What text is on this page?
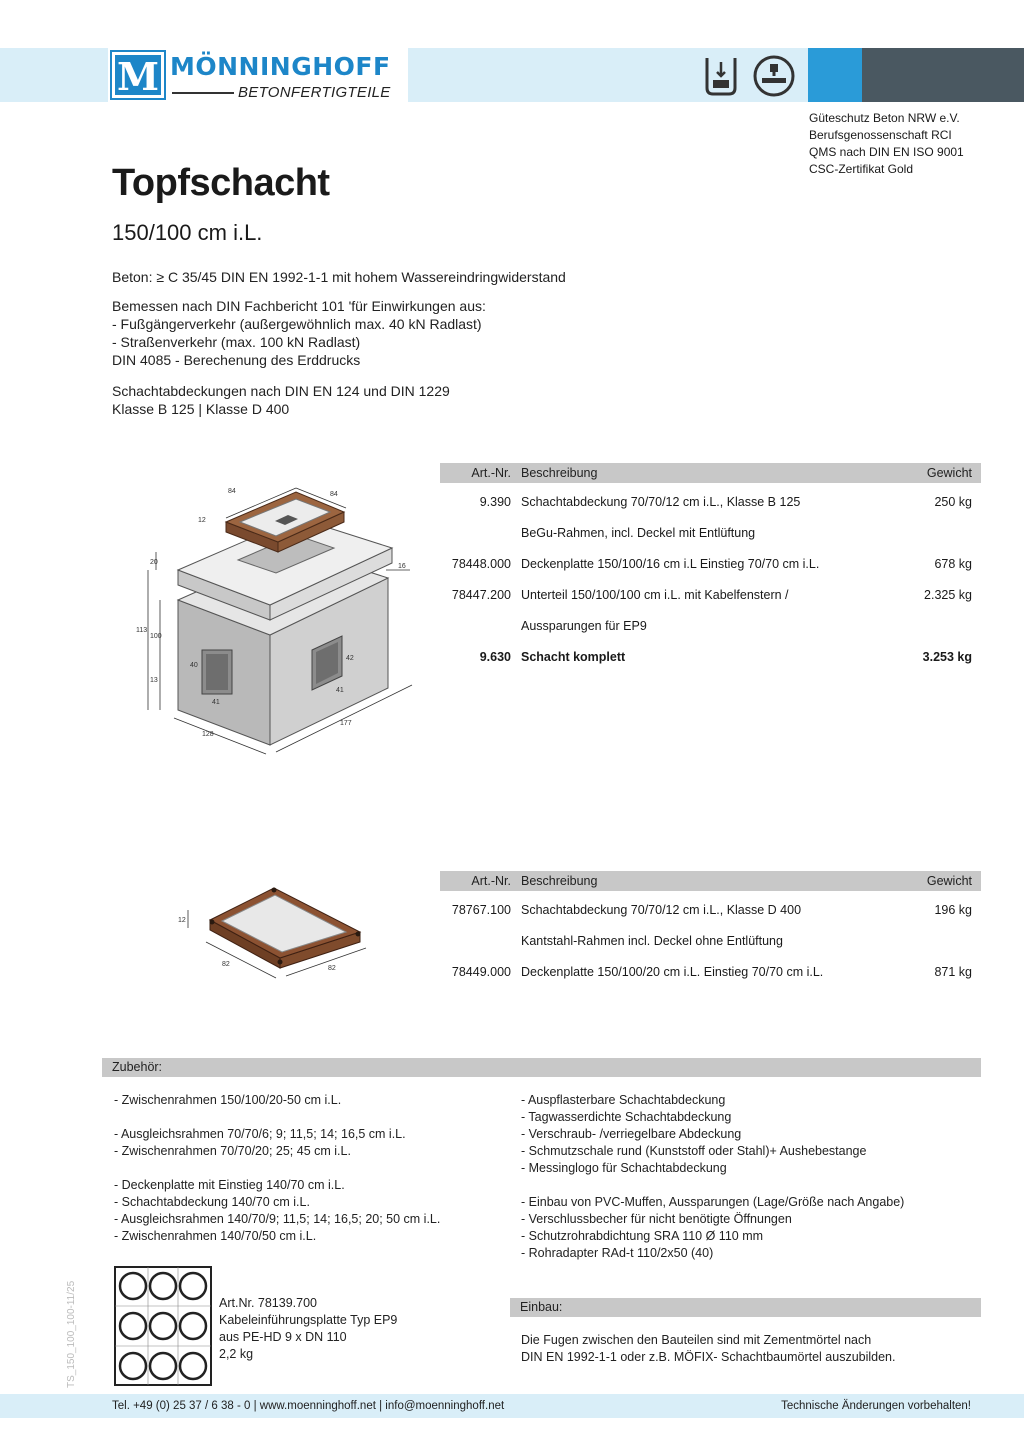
M MÖNNINGHOFF
BETONFERTIGTEILE
Güteschutz Beton NRW e.V.
Berufsgenossenschaft RCI
QMS nach DIN EN ISO 9001
CSC-Zertifikat Gold
Topfschacht
150/100 cm i.L.
Beton: ≥ C 35/45 DIN EN 1992-1-1 mit hohem Wassereindringwiderstand
Bemessen nach DIN Fachbericht 101 'für Einwirkungen aus:
- Fußgängerverkehr (außergewöhnlich max. 40 kN Radlast)
- Straßenverkehr (max. 100 kN Radlast)
DIN 4085 - Berechenung des Erddrucks
Schachtabdeckungen nach DIN EN 124 und DIN 1229
Klasse B 125 | Klasse D 400
84	84
12
20
16
113
100
13
40
41
41
42
128
177
Art.-Nr. Beschreibung	Gewicht
9.390 Schachtabdeckung 70/70/12 cm i.L., Klasse B 125	250 kg
BeGu-Rahmen, incl. Deckel mit Entlüftung
78448.000 Deckenplatte 150/100/16 cm i.L Einstieg 70/70 cm i.L.	678 kg
78447.200 Unterteil 150/100/100 cm i.L. mit Kabelfenstern /	2.325 kg
Aussparungen für EP9
9.630 Schacht komplett	3.253 kg
12
82
82
Art.-Nr. Beschreibung	Gewicht
78767.100 Schachtabdeckung 70/70/12 cm i.L., Klasse D 400	196 kg
Kantstahl-Rahmen incl. Deckel ohne Entlüftung
78449.000 Deckenplatte 150/100/20 cm i.L. Einstieg 70/70 cm i.L.	871 kg
Zubehör:
- Zwischenrahmen 150/100/20-50 cm i.L.
- Ausgleichsrahmen 70/70/6; 9; 11,5; 14; 16,5 cm i.L.
- Zwischenrahmen 70/70/20; 25; 45 cm i.L.
- Deckenplatte mit Einstieg 140/70 cm i.L.
- Schachtabdeckung 140/70 cm i.L.
- Ausgleichsrahmen 140/70/9; 11,5; 14; 16,5; 20; 50 cm i.L.
- Zwischenrahmen 140/70/50 cm i.L.
- Auspflasterbare Schachtabdeckung
- Tagwasserdichte Schachtabdeckung
- Verschraub- /verriegelbare Abdeckung
- Schmutzschale rund (Kunststoff oder Stahl)+ Aushebestange
- Messinglogo für Schachtabdeckung
- Einbau von PVC-Muffen, Aussparungen (Lage/Größe nach Angabe)
- Verschlussbecher für nicht benötigte Öffnungen
- Schutzrohrabdichtung SRA 110 Ø 110 mm
- Rohradapter RAd-t 110/2x50 (40)
Art.Nr. 78139.700
Kabeleinführungsplatte Typ EP9
aus PE-HD 9 x DN 110
2,2 kg
Einbau:
Die Fugen zwischen den Bauteilen sind mit Zementmörtel nach
DIN EN 1992-1-1 oder z.B. MÖFIX- Schachtbaumörtel auszubilden.
TS_150_100_100-11/25
Tel. +49 (0) 25 37 / 6 38 - 0 | www.moenninghoff.net | info@moenninghoff.net	Technische Änderungen vorbehalten!
